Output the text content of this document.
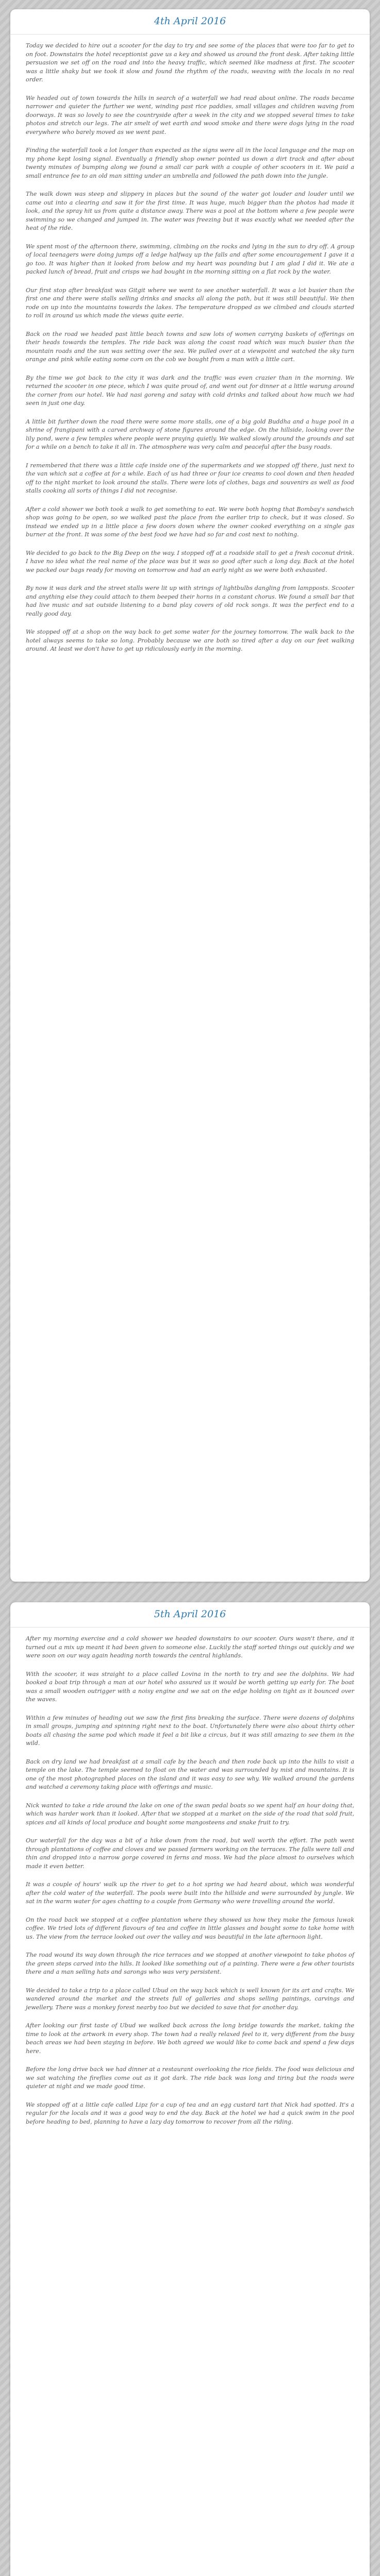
4th April 2016

Today we decided to hire out a scooter for the day to try and see some of the places that were too far to get to on foot. Downstairs the hotel receptionist gave us a key and showed us around the front desk. After taking little persuasion we set off on the road and into the heavy traffic, which seemed like madness at first. The scooter was a little shaky but we took it slow and found the rhythm of the roads, weaving with the locals in no real order.

We headed out of town towards the hills in search of a waterfall we had read about online. The roads became narrower and quieter the further we went, winding past rice paddies, small villages and children waving from doorways. It was so lovely to see the countryside after a week in the city and we stopped several times to take photos and stretch our legs. The air smelt of wet earth and wood smoke and there were dogs lying in the road everywhere who barely moved as we went past.

Finding the waterfall took a lot longer than expected as the signs were all in the local language and the map on my phone kept losing signal. Eventually a friendly shop owner pointed us down a dirt track and after about twenty minutes of bumping along we found a small car park with a couple of other scooters in it. We paid a small entrance fee to an old man sitting under an umbrella and followed the path down into the jungle.

The walk down was steep and slippery in places but the sound of the water got louder and louder until we came out into a clearing and saw it for the first time. It was huge, much bigger than the photos had made it look, and the spray hit us from quite a distance away. There was a pool at the bottom where a few people were swimming so we changed and jumped in. The water was freezing but it was exactly what we needed after the heat of the ride.

We spent most of the afternoon there, swimming, climbing on the rocks and lying in the sun to dry off. A group of local teenagers were doing jumps off a ledge halfway up the falls and after some encouragement I gave it a go too. It was higher than it looked from below and my heart was pounding but I am glad I did it. We ate a packed lunch of bread, fruit and crisps we had bought in the morning sitting on a flat rock by the water.

Our first stop after breakfast was Gitgit where we went to see another waterfall. It was a lot busier than the first one and there were stalls selling drinks and snacks all along the path, but it was still beautiful. We then rode on up into the mountains towards the lakes. The temperature dropped as we climbed and clouds started to roll in around us which made the views quite eerie.

Back on the road we headed past little beach towns and saw lots of women carrying baskets of offerings on their heads towards the temples. The ride back was along the coast road which was much busier than the mountain roads and the sun was setting over the sea. We pulled over at a viewpoint and watched the sky turn orange and pink while eating some corn on the cob we bought from a man with a little cart.

By the time we got back to the city it was dark and the traffic was even crazier than in the morning. We returned the scooter in one piece, which I was quite proud of, and went out for dinner at a little warung around the corner from our hotel. We had nasi goreng and satay with cold drinks and talked about how much we had seen in just one day.

A little bit further down the road there were some more stalls, one of a big gold Buddha and a huge pool in a shrine of frangipani with a carved archway of stone figures around the edge. On the hillside, looking over the lily pond, were a few temples where people were praying quietly. We walked slowly around the grounds and sat for a while on a bench to take it all in. The atmosphere was very calm and peaceful after the busy roads.

I remembered that there was a little cafe inside one of the supermarkets and we stopped off there, just next to the van which sat a coffee at for a while. Each of us had three or four ice creams to cool down and then headed off to the night market to look around the stalls. There were lots of clothes, bags and souvenirs as well as food stalls cooking all sorts of things I did not recognise.

After a cold shower we both took a walk to get something to eat. We were both hoping that Bombay's sandwich shop was going to be open, so we walked past the place from the earlier trip to check, but it was closed. So instead we ended up in a little place a few doors down where the owner cooked everything on a single gas burner at the front. It was some of the best food we have had so far and cost next to nothing.

We decided to go back to the Big Deep on the way. I stopped off at a roadside stall to get a fresh coconut drink. I have no idea what the real name of the place was but it was so good after such a long day. Back at the hotel we packed our bags ready for moving on tomorrow and had an early night as we were both exhausted.

By now it was dark and the street stalls were lit up with strings of lightbulbs dangling from lampposts. Scooter and anything else they could attach to them beeped their horns in a constant chorus. We found a small bar that had live music and sat outside listening to a band play covers of old rock songs. It was the perfect end to a really good day.

We stopped off at a shop on the way back to get some water for the journey tomorrow. The walk back to the hotel always seems to take so long. Probably because we are both so tired after a day on our feet walking around. At least we don't have to get up ridiculously early in the morning.

5th April 2016

After my morning exercise and a cold shower we headed downstairs to our scooter. Ours wasn't there, and it turned out a mix up meant it had been given to someone else. Luckily the staff sorted things out quickly and we were soon on our way again heading north towards the central highlands.

With the scooter, it was straight to a place called Lovina in the north to try and see the dolphins. We had booked a boat trip through a man at our hotel who assured us it would be worth getting up early for. The boat was a small wooden outrigger with a noisy engine and we sat on the edge holding on tight as it bounced over the waves.

Within a few minutes of heading out we saw the first fins breaking the surface. There were dozens of dolphins in small groups, jumping and spinning right next to the boat. Unfortunately there were also about thirty other boats all chasing the same pod which made it feel a bit like a circus, but it was still amazing to see them in the wild.

Back on dry land we had breakfast at a small cafe by the beach and then rode back up into the hills to visit a temple on the lake. The temple seemed to float on the water and was surrounded by mist and mountains. It is one of the most photographed places on the island and it was easy to see why. We walked around the gardens and watched a ceremony taking place with offerings and music.

Nick wanted to take a ride around the lake on one of the swan pedal boats so we spent half an hour doing that, which was harder work than it looked. After that we stopped at a market on the side of the road that sold fruit, spices and all kinds of local produce and bought some mangosteens and snake fruit to try.

Our waterfall for the day was a bit of a hike down from the road, but well worth the effort. The path went through plantations of coffee and cloves and we passed farmers working on the terraces. The falls were tall and thin and dropped into a narrow gorge covered in ferns and moss. We had the place almost to ourselves which made it even better.

It was a couple of hours' walk up the river to get to a hot spring we had heard about, which was wonderful after the cold water of the waterfall. The pools were built into the hillside and were surrounded by jungle. We sat in the warm water for ages chatting to a couple from Germany who were travelling around the world.

On the road back we stopped at a coffee plantation where they showed us how they make the famous luwak coffee. We tried lots of different flavours of tea and coffee in little glasses and bought some to take home with us. The view from the terrace looked out over the valley and was beautiful in the late afternoon light.

The road wound its way down through the rice terraces and we stopped at another viewpoint to take photos of the green steps carved into the hills. It looked like something out of a painting. There were a few other tourists there and a man selling hats and sarongs who was very persistent.

We decided to take a trip to a place called Ubud on the way back which is well known for its art and crafts. We wandered around the market and the streets full of galleries and shops selling paintings, carvings and jewellery. There was a monkey forest nearby too but we decided to save that for another day.

After looking our first taste of Ubud we walked back across the long bridge towards the market, taking the time to look at the artwork in every shop. The town had a really relaxed feel to it, very different from the busy beach areas we had been staying in before. We both agreed we would like to come back and spend a few days here.

Before the long drive back we had dinner at a restaurant overlooking the rice fields. The food was delicious and we sat watching the fireflies come out as it got dark. The ride back was long and tiring but the roads were quieter at night and we made good time.

We stopped off at a little cafe called Lipz for a cup of tea and an egg custard tart that Nick had spotted. It's a regular for the locals and it was a good way to end the day. Back at the hotel we had a quick swim in the pool before heading to bed, planning to have a lazy day tomorrow to recover from all the riding.
